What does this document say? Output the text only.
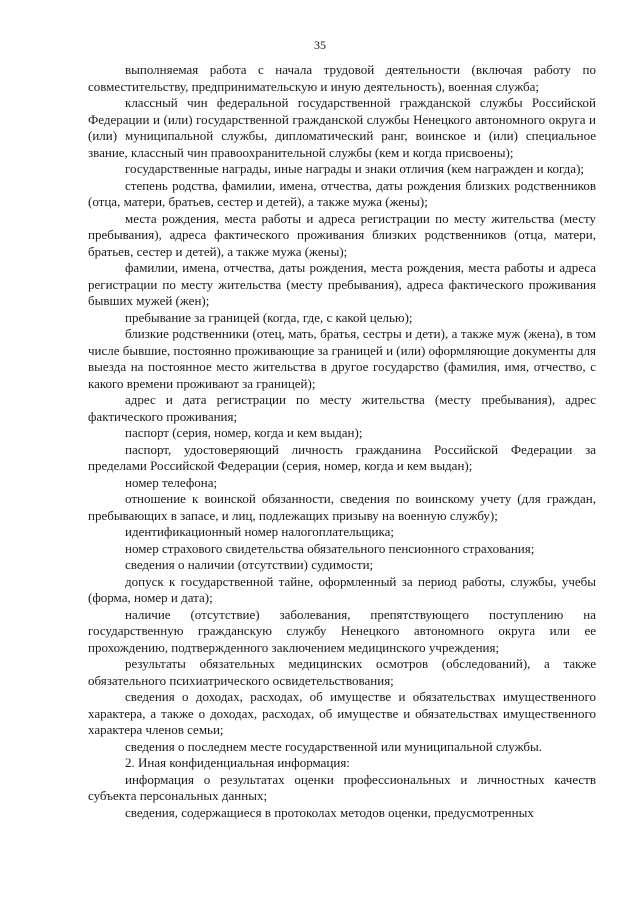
35

выполняемая работа с начала трудовой деятельности (включая работу по совместительству, предпринимательскую и иную деятельность), военная служба;

классный чин федеральной государственной гражданской службы Российской Федерации и (или) государственной гражданской службы Ненецкого автономного округа и (или) муниципальной службы, дипломатический ранг, воинское и (или) специальное звание, классный чин правоохранительной службы (кем и когда присвоены);

государственные награды, иные награды и знаки отличия (кем награжден и когда);

степень родства, фамилии, имена, отчества, даты рождения близких родственников (отца, матери, братьев, сестер и детей), а также мужа (жены);

места рождения, места работы и адреса регистрации по месту жительства (месту пребывания), адреса фактического проживания близких родственников (отца, матери, братьев, сестер и детей), а также мужа (жены);

фамилии, имена, отчества, даты рождения, места рождения, места работы и адреса регистрации по месту жительства (месту пребывания), адреса фактического проживания бывших мужей (жен);

пребывание за границей (когда, где, с какой целью);

близкие родственники (отец, мать, братья, сестры и дети), а также муж (жена), в том числе бывшие, постоянно проживающие за границей и (или) оформляющие документы для выезда на постоянное место жительства в другое государство (фамилия, имя, отчество, с какого времени проживают за границей);

адрес и дата регистрации по месту жительства (месту пребывания), адрес фактического проживания;

паспорт (серия, номер, когда и кем выдан);

паспорт, удостоверяющий личность гражданина Российской Федерации за пределами Российской Федерации (серия, номер, когда и кем выдан);

номер телефона;

отношение к воинской обязанности, сведения по воинскому учету (для граждан, пребывающих в запасе, и лиц, подлежащих призыву на военную службу);

идентификационный номер налогоплательщика;

номер страхового свидетельства обязательного пенсионного страхования;

сведения о наличии (отсутствии) судимости;

допуск к государственной тайне, оформленный за период работы, службы, учебы (форма, номер и дата);

наличие (отсутствие) заболевания, препятствующего поступлению на государственную гражданскую службу Ненецкого автономного округа или ее прохождению, подтвержденного заключением медицинского учреждения;

результаты обязательных медицинских осмотров (обследований), а также обязательного психиатрического освидетельствования;

сведения о доходах, расходах, об имуществе и обязательствах имущественного характера, а также о доходах, расходах, об имуществе и обязательствах имущественного характера членов семьи;

сведения о последнем месте государственной или муниципальной службы.

2. Иная конфиденциальная информация:

информация о результатах оценки профессиональных и личностных качеств субъекта персональных данных;

сведения, содержащиеся в протоколах методов оценки, предусмотренных
